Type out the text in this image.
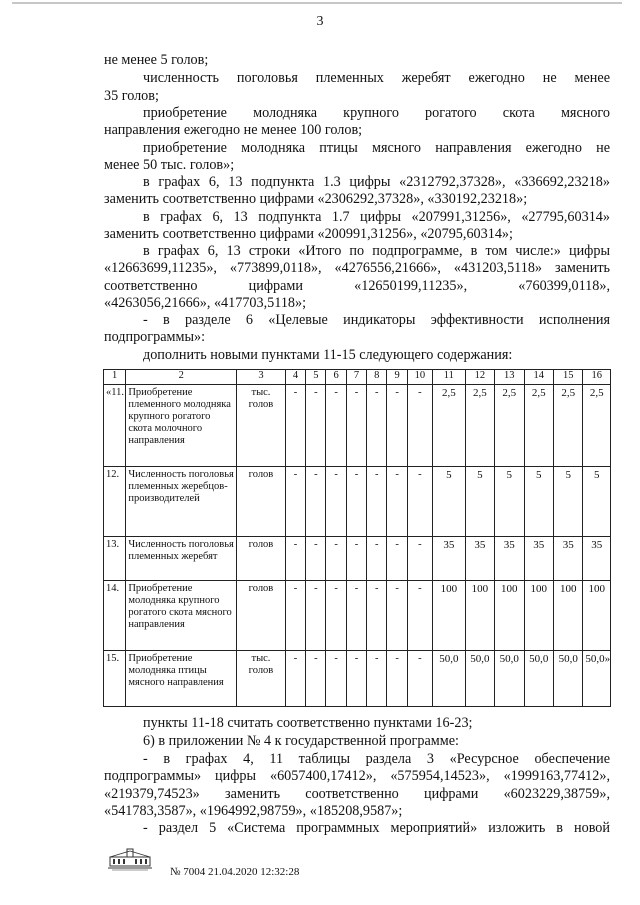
3
не менее 5 голов;
численность поголовья племенных жеребят ежегодно не менее
35 голов;
приобретение молодняка крупного рогатого скота мясного
направления ежегодно не менее 100 голов;
приобретение молодняка птицы мясного направления ежегодно не
менее 50 тыс. голов»;
в графах 6, 13 подпункта 1.3 цифры «2312792,37328», «336692,23218»
заменить соответственно цифрами «2306292,37328», «330192,23218»;
в графах 6, 13 подпункта 1.7 цифры «207991,31256», «27795,60314»
заменить соответственно цифрами «200991,31256», «20795,60314»;
в графах 6, 13 строки «Итого по подпрограмме, в том числе:» цифры
«12663699,11235», «773899,0118», «4276556,21666», «431203,5118» заменить
соответственно цифрами «12650199,11235», «760399,0118»,
«4263056,21666», «417703,5118»;
- в разделе 6 «Целевые индикаторы эффективности исполнения
подпрограммы»:
дополнить новыми пунктами 11-15 следующего содержания:
1	2	3	4	5	6	7	8	9	10	11	12	13	14	15	16
«11.	Приобретение племенного молодняка крупного рогатого скота молочного направления	тыс. голов	-	-	-	-	-	-	-	2,5	2,5	2,5	2,5	2,5	2,5
12.	Численность поголовья племенных жеребцов-производителей	голов	-	-	-	-	-	-	-	5	5	5	5	5	5
13.	Численность поголовья племенных жеребят	голов	-	-	-	-	-	-	-	35	35	35	35	35	35
14.	Приобретение молодняка крупного рогатого скота мясного направления	голов	-	-	-	-	-	-	-	100	100	100	100	100	100
15.	Приобретение молодняка птицы мясного направления	тыс. голов	-	-	-	-	-	-	-	50,0	50,0	50,0	50,0	50,0	50,0»
пункты 11-18 считать соответственно пунктами 16-23;
6) в приложении № 4 к государственной программе:
- в графах 4, 11 таблицы раздела 3 «Ресурсное обеспечение
подпрограммы» цифры «6057400,17412», «575954,14523», «1999163,77412»,
«219379,74523» заменить соответственно цифрами «6023229,38759»,
«541783,3587», «1964992,98759», «185208,9587»;
- раздел 5 «Система программных мероприятий» изложить в новой
№ 7004 21.04.2020 12:32:28
